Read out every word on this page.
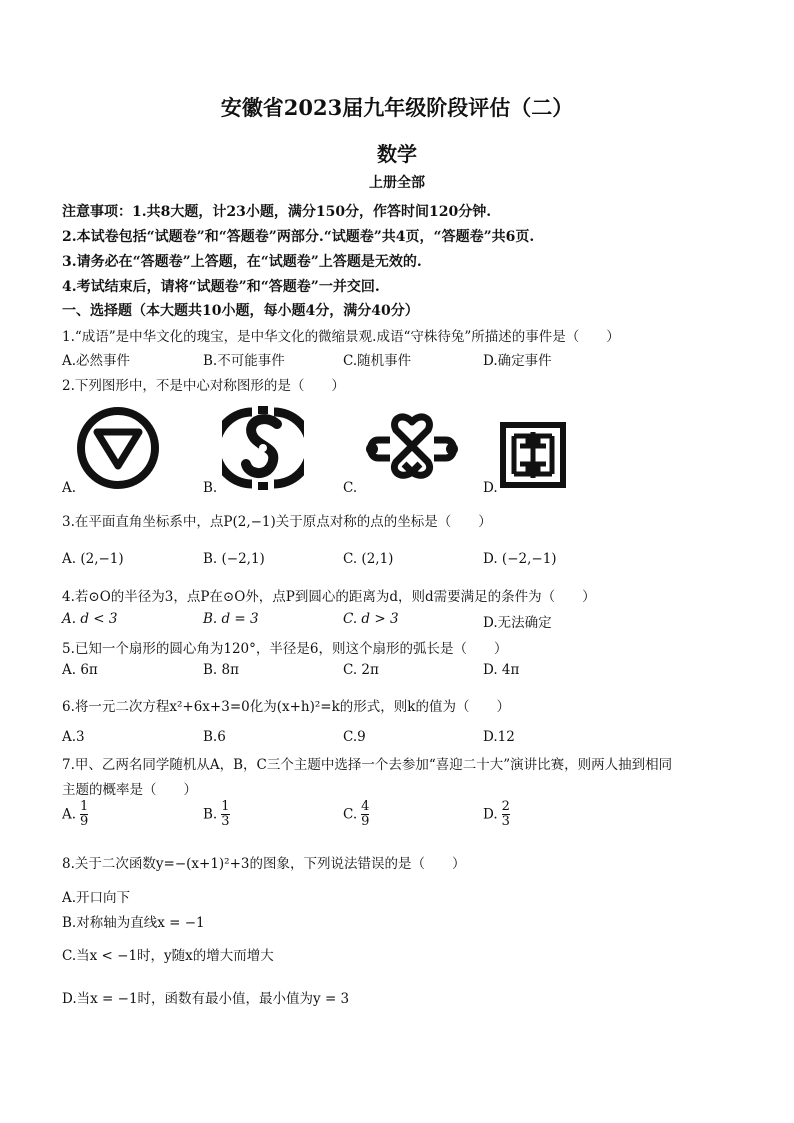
安徽省2023届九年级阶段评估（二）
数学
上册全部
注意事项：1.共8大题，计23小题，满分150分，作答时间120分钟.
2.本试卷包括“试题卷”和“答题卷”两部分.“试题卷”共4页，“答题卷”共6页.
3.请务必在“答题卷”上答题，在“试题卷”上答题是无效的.
4.考试结束后，请将“试题卷”和“答题卷”一并交回.
一、选择题（本大题共10小题，每小题4分，满分40分）
1.“成语”是中华文化的瑰宝，是中华文化的微缩景观.成语“守株待兔”所描述的事件是（　　）
A.必然事件	B.不可能事件	C.随机事件	D.确定事件
2.下列图形中，不是中心对称图形的是（　　）
A.	B.	C.	D.
3.在平面直角坐标系中，点P(2,−1)关于原点对称的点的坐标是（　　）
A. (2,−1)	B. (−2,1)	C. (2,1)	D. (−2,−1)
4.若⊙O的半径为3，点P在⊙O外，点P到圆心的距离为d，则d需要满足的条件为（　　）
A. d < 3	B. d = 3	C. d > 3	D.无法确定
5.已知一个扇形的圆心角为120°，半径是6，则这个扇形的弧长是（　　）
A. 6π	B. 8π	C. 2π	D. 4π
6.将一元二次方程x²+6x+3=0化为(x+h)²=k的形式，则k的值为（　　）
A.3	B.6	C.9	D.12
7.甲、乙两名同学随机从A，B，C三个主题中选择一个去参加“喜迎二十大”演讲比赛，则两人抽到相同
主题的概率是（　　）
A. $\frac{1}{9}$	B. $\frac{1}{3}$	C. $\frac{4}{9}$	D. $\frac{2}{3}$
8.关于二次函数y=−(x+1)²+3的图象，下列说法错误的是（　　）
A.开口向下
B.对称轴为直线x = −1
C.当x < −1时，y随x的增大而增大
D.当x = −1时，函数有最小值，最小值为y = 3
